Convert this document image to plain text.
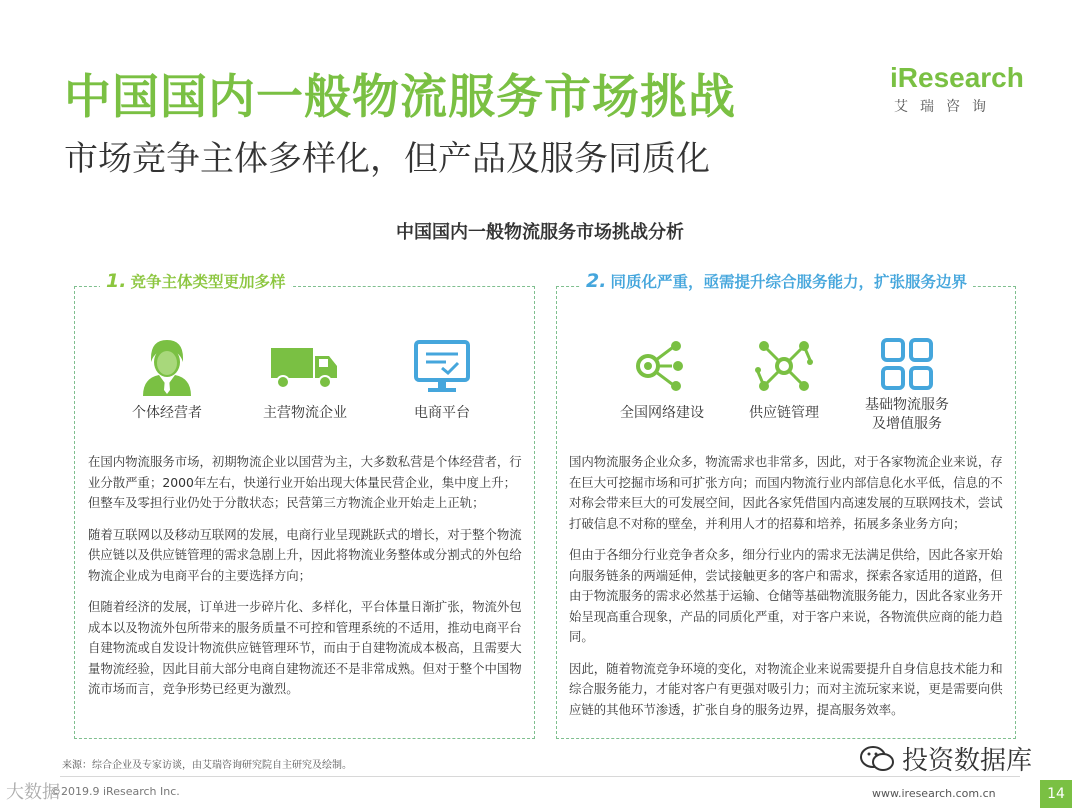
中国国内一般物流服务市场挑战
市场竞争主体多样化，但产品及服务同质化
iResearch
艾瑞咨询
中国国内一般物流服务市场挑战分析
1. 竞争主体类型更加多样
个体经营者	主营物流企业	电商平台

在国内物流服务市场，初期物流企业以国营为主，大多数私营是个体经营者，行业分散严重；2000年左右，快递行业开始出现大体量民营企业，集中度上升；但整车及零担行业仍处于分散状态；民营第三方物流企业开始走上正轨；

随着互联网以及移动互联网的发展，电商行业呈现跳跃式的增长，对于整个物流供应链以及供应链管理的需求急剧上升，因此将物流业务整体或分割式的外包给物流企业成为电商平台的主要选择方向；

但随着经济的发展，订单进一步碎片化、多样化，平台体量日渐扩张，物流外包成本以及物流外包所带来的服务质量不可控和管理系统的不适用，推动电商平台自建物流或自发设计物流供应链管理环节，而由于自建物流成本极高，且需要大量物流经验，因此目前大部分电商自建物流还不是非常成熟。但对于整个中国物流市场而言，竞争形势已经更为激烈。

2. 同质化严重，亟需提升综合服务能力，扩张服务边界
全国网络建设	供应链管理	基础物流服务
及增值服务

国内物流服务企业众多，物流需求也非常多，因此，对于各家物流企业来说，存在巨大可挖掘市场和可扩张方向；而国内物流行业内部信息化水平低，信息的不对称会带来巨大的可发展空间，因此各家凭借国内高速发展的互联网技术，尝试打破信息不对称的壁垒，并利用人才的招募和培养，拓展多条业务方向；

但由于各细分行业竞争者众多，细分行业内的需求无法满足供给，因此各家开始向服务链条的两端延伸，尝试接触更多的客户和需求，探索各家适用的道路，但由于物流服务的需求必然基于运输、仓储等基础物流服务能力，因此各家业务开始呈现高重合现象，产品的同质化严重，对于客户来说，各物流供应商的能力趋同。

因此，随着物流竞争环境的变化，对物流企业来说需要提升自身信息技术能力和综合服务能力，才能对客户有更强对吸引力；而对主流玩家来说，更是需要向供应链的其他环节渗透，扩张自身的服务边界，提高服务效率。

来源：综合企业及专家访谈，由艾瑞咨询研究院自主研究及绘制。
©2019.9 iResearch Inc.	www.iresearch.com.cn	14
投资数据库
大数据
